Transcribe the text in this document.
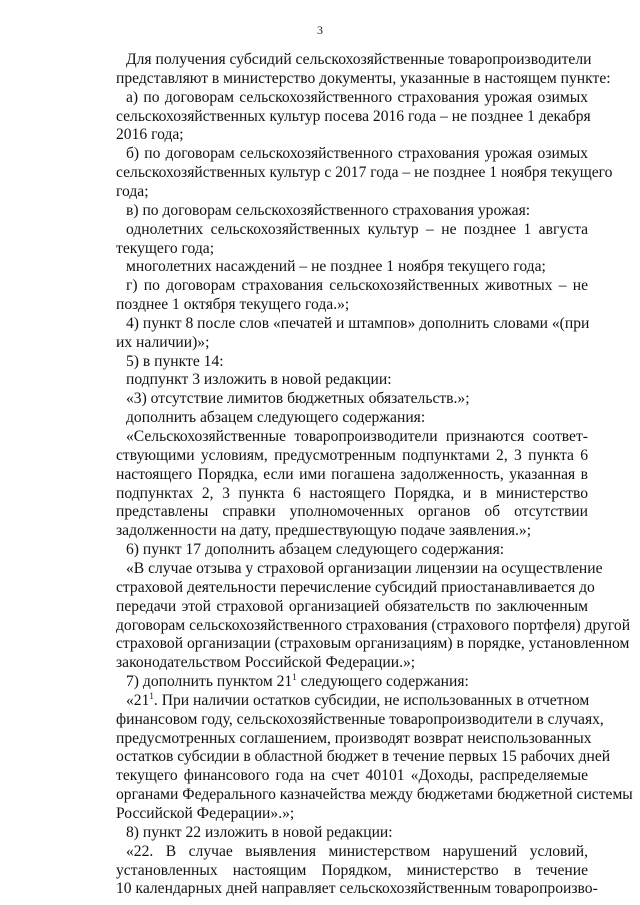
3
Для получения субсидий сельскохозяйственные товаропроизводители
представляют в министерство документы, указанные в настоящем пункте:
а) по договорам сельскохозяйственного страхования урожая озимых
сельскохозяйственных культур посева 2016 года – не позднее 1 декабря
2016 года;
б) по договорам сельскохозяйственного страхования урожая озимых
сельскохозяйственных культур с 2017 года – не позднее 1 ноября текущего
года;
в) по договорам сельскохозяйственного страхования урожая:
однолетних сельскохозяйственных культур – не позднее 1 августа
текущего года;
многолетних насаждений – не позднее 1 ноября текущего года;
г) по договорам страхования сельскохозяйственных животных – не
позднее 1 октября текущего года.»;
4) пункт 8 после слов «печатей и штампов» дополнить словами «(при
их наличии)»;
5) в пункте 14:
подпункт 3 изложить в новой редакции:
«3) отсутствие лимитов бюджетных обязательств.»;
дополнить абзацем следующего содержания:
«Сельскохозяйственные товаропроизводители признаются соответ-
ствующими условиям, предусмотренным подпунктами 2, 3 пункта 6
настоящего Порядка, если ими погашена задолженность, указанная в
подпунктах 2, 3 пункта 6 настоящего Порядка, и в министерство
представлены справки уполномоченных органов об отсутствии
задолженности на дату, предшествующую подаче заявления.»;
6) пункт 17 дополнить абзацем следующего содержания:
«В случае отзыва у страховой организации лицензии на осуществление
страховой деятельности перечисление субсидий приостанавливается до
передачи этой страховой организацией обязательств по заключенным
договорам сельскохозяйственного страхования (страхового портфеля) другой
страховой организации (страховым организациям) в порядке, установленном
законодательством Российской Федерации.»;
7) дополнить пунктом $21^1$ следующего содержания:
«$21^1$. При наличии остатков субсидии, не использованных в отчетном
финансовом году, сельскохозяйственные товаропроизводители в случаях,
предусмотренных соглашением, производят возврат неиспользованных
остатков субсидии в областной бюджет в течение первых 15 рабочих дней
текущего финансового года на счет 40101 «Доходы, распределяемые
органами Федерального казначейства между бюджетами бюджетной системы
Российской Федерации».»;
8) пункт 22 изложить в новой редакции:
«22. В случае выявления министерством нарушений условий,
установленных настоящим Порядком, министерство в течение
10 календарных дней направляет сельскохозяйственным товаропроизво-
